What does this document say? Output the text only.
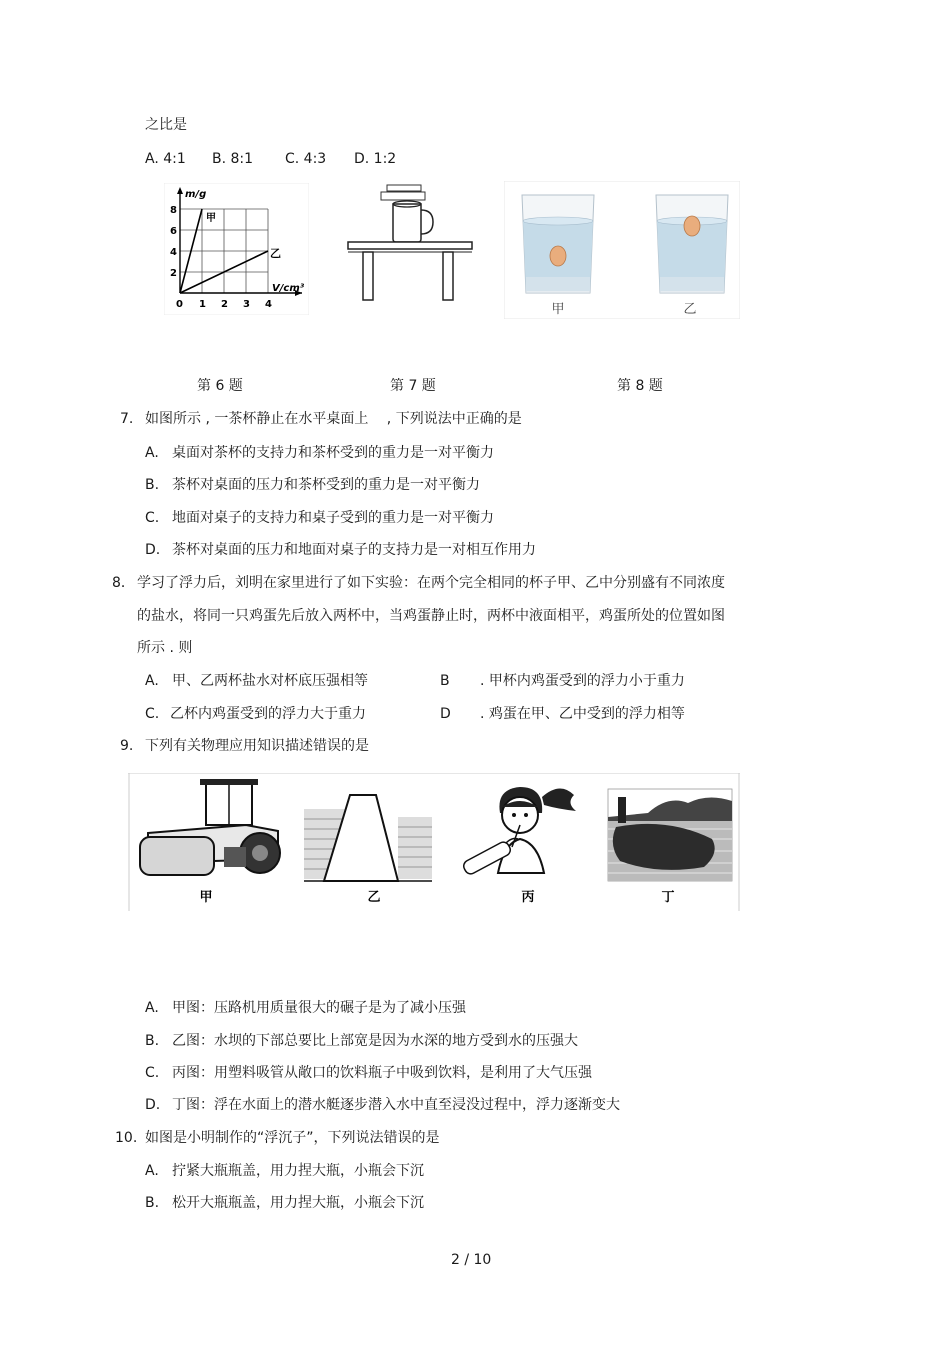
之比是
A. 4:1 B. 8:1 C. 4:3 D. 1:2
m/g
V/cm³
8
6
4
2
0 1 2 3 4
甲
乙
甲	乙
第 6 题	第 7 题	第 8 题
7. 如图所示 , 一茶杯静止在水平桌面上　 , 下列说法中正确的是
A. 桌面对茶杯的支持力和茶杯受到的重力是一对平衡力
B. 茶杯对桌面的压力和茶杯受到的重力是一对平衡力
C. 地面对桌子的支持力和桌子受到的重力是一对平衡力
D. 茶杯对桌面的压力和地面对桌子的支持力是一对相互作用力
8． 学习了浮力后，刘明在家里进行了如下实验：在两个完全相同的杯子甲、乙中分别盛有不同浓度
的盐水，将同一只鸡蛋先后放入两杯中，当鸡蛋静止时，两杯中液面相平，鸡蛋所处的位置如图
所示 . 则
A. 甲、乙两杯盐水对杯底压强相等	B . 甲杯内鸡蛋受到的浮力小于重力
C. 乙杯内鸡蛋受到的浮力大于重力	D . 鸡蛋在甲、乙中受到的浮力相等
9. 下列有关物理应用知识描述错误的是
甲	乙	丙	丁
A. 甲图：压路机用质量很大的碾子是为了减小压强
B. 乙图：水坝的下部总要比上部宽是因为水深的地方受到水的压强大
C. 丙图：用塑料吸管从敞口的饮料瓶子中吸到饮料，是利用了大气压强
D. 丁图：浮在水面上的潜水艇逐步潜入水中直至浸没过程中，浮力逐渐变大
10. 如图是小明制作的“浮沉子”，下列说法错误的是
A. 拧紧大瓶瓶盖，用力捏大瓶，小瓶会下沉
B. 松开大瓶瓶盖，用力捏大瓶，小瓶会下沉
2 / 10
